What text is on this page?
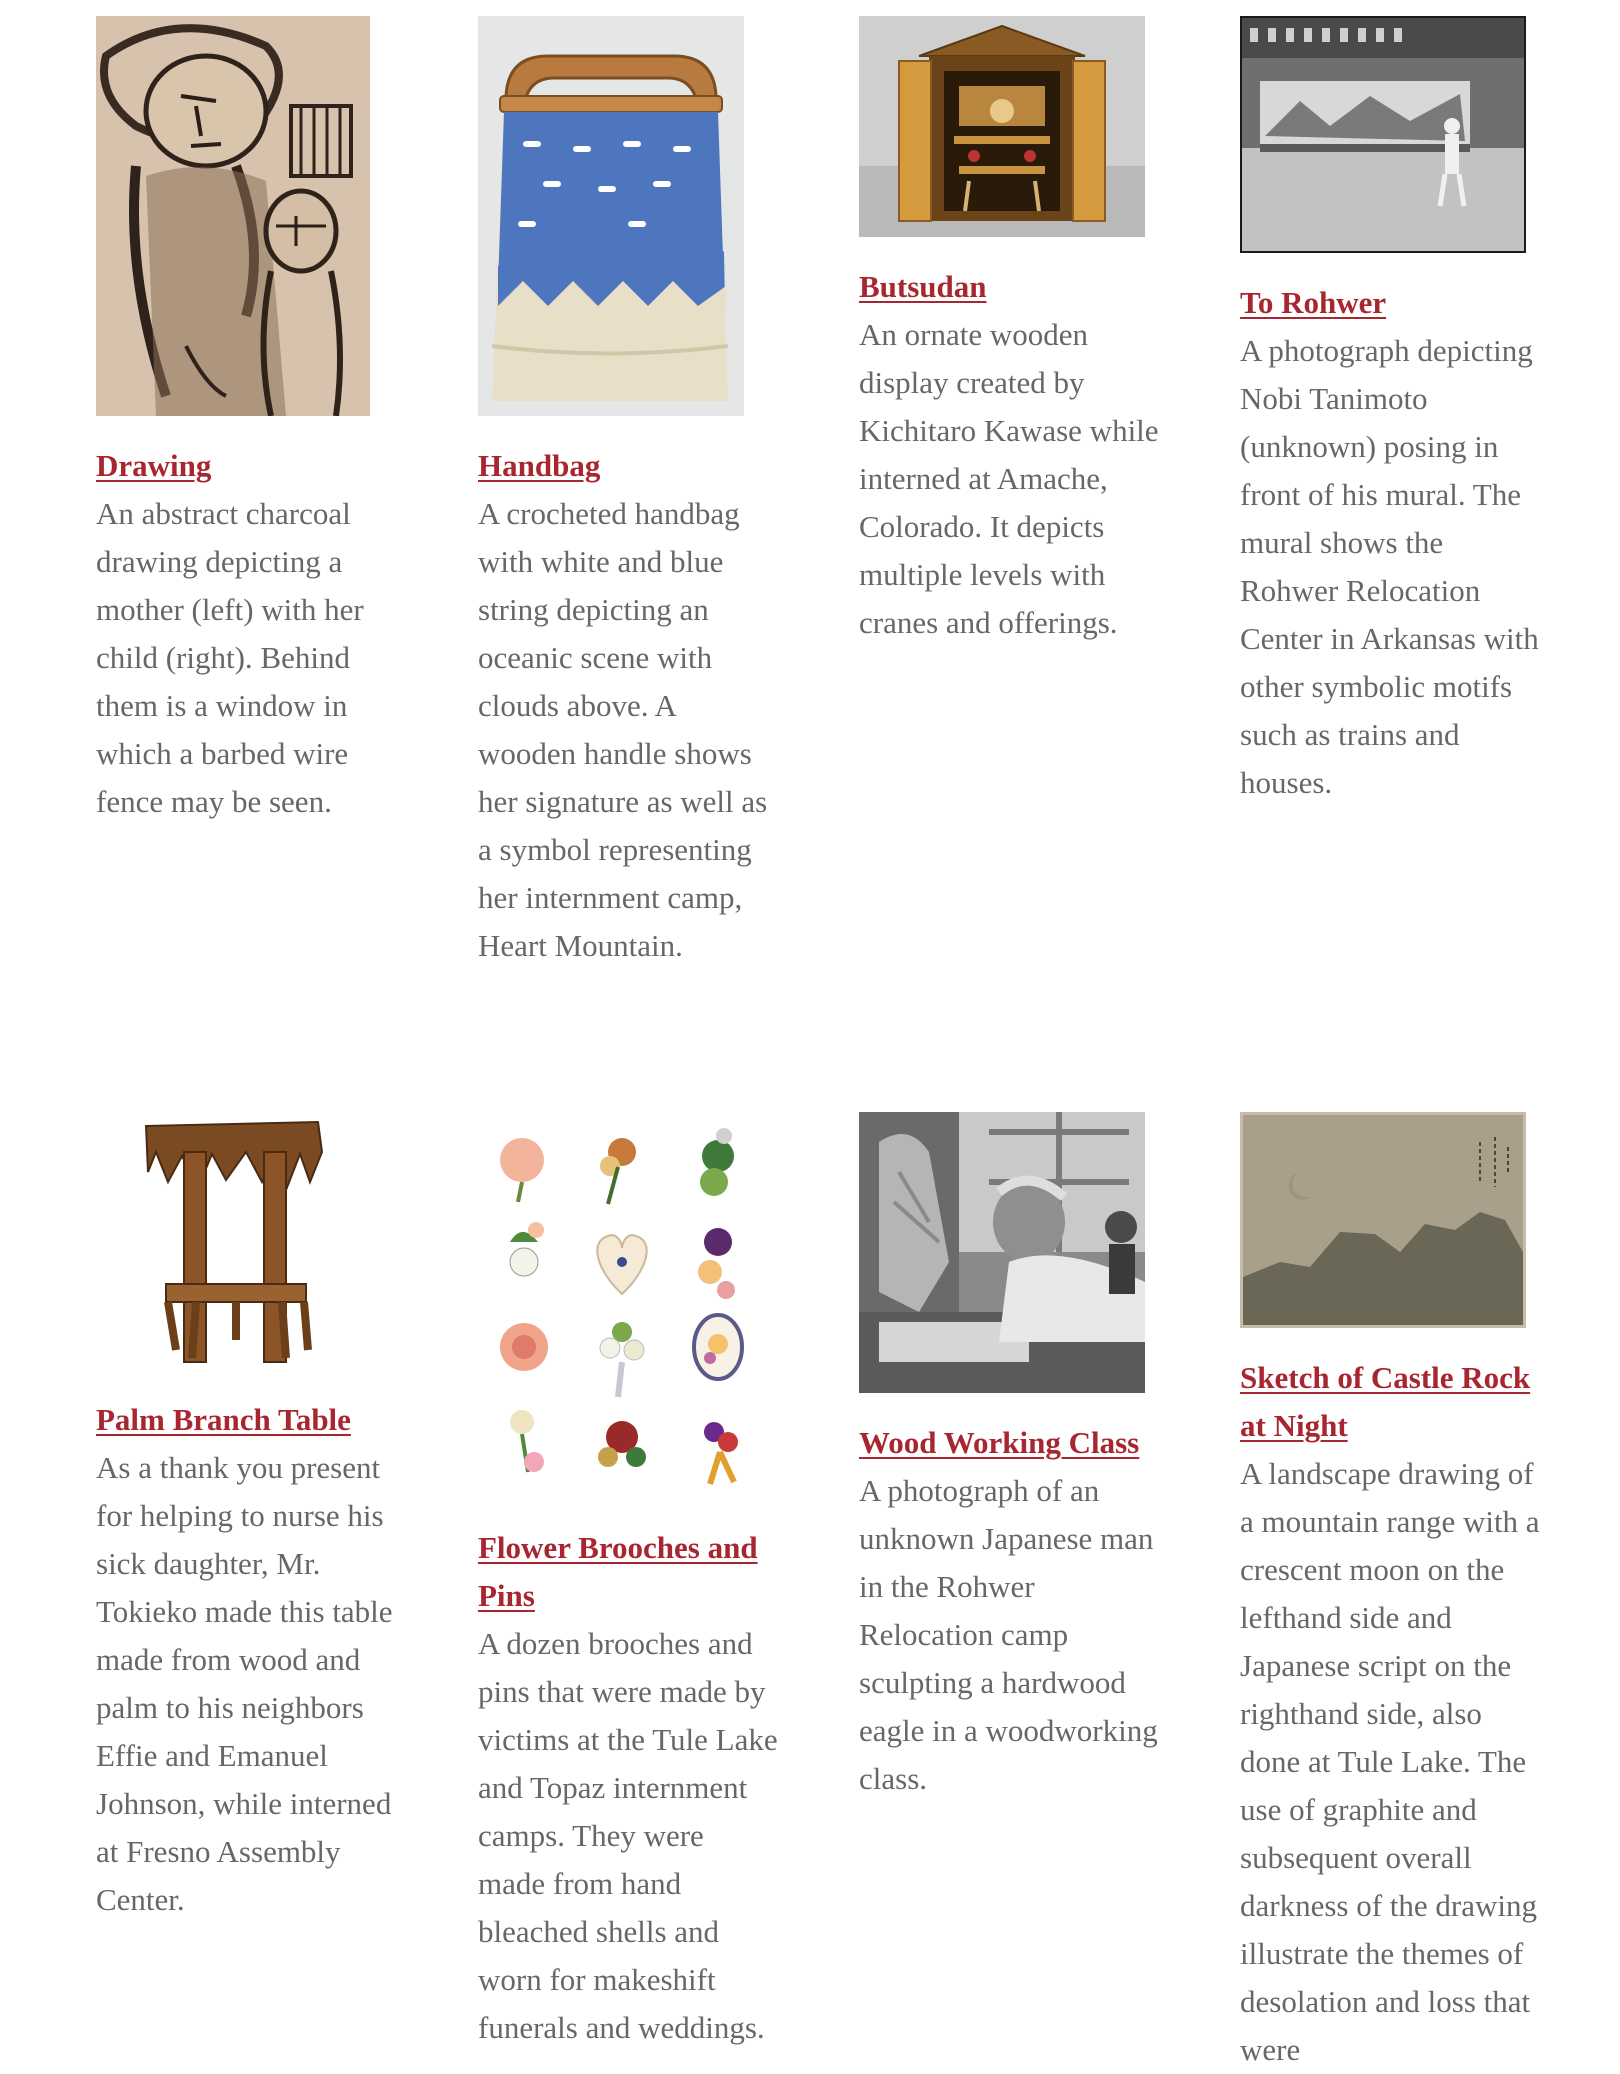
Drawing

An abstract charcoal drawing depicting a mother (left) with her child (right). Behind them is a window in which a barbed wire fence may be seen.

Handbag

A crocheted handbag with white and blue string depicting an oceanic scene with clouds above. A wooden handle shows her signature as well as a symbol representing her internment camp, Heart Mountain.

Butsudan

An ornate wooden display created by Kichitaro Kawase while interned at Amache, Colorado. It depicts multiple levels with cranes and offerings.

To Rohwer

A photograph depicting Nobi Tanimoto (unknown) posing in front of his mural. The mural shows the Rohwer Relocation Center in Arkansas with other symbolic motifs such as trains and houses.

Palm Branch Table

As a thank you present for helping to nurse his sick daughter, Mr. Tokieko made this table made from wood and palm to his neighbors Effie and Emanuel Johnson, while interned at Fresno Assembly Center.

Flower Brooches and Pins

A dozen brooches and pins that were made by victims at the Tule Lake and Topaz internment camps. They were made from hand bleached shells and worn for makeshift funerals and weddings.

Wood Working Class

A photograph of an unknown Japanese man in the Rohwer Relocation camp sculpting a hardwood eagle in a woodworking class.

Sketch of Castle Rock at Night

A landscape drawing of a mountain range with a crescent moon on the lefthand side and Japanese script on the righthand side, also done at Tule Lake. The use of graphite and subsequent overall darkness of the drawing illustrate the themes of desolation and loss that were
